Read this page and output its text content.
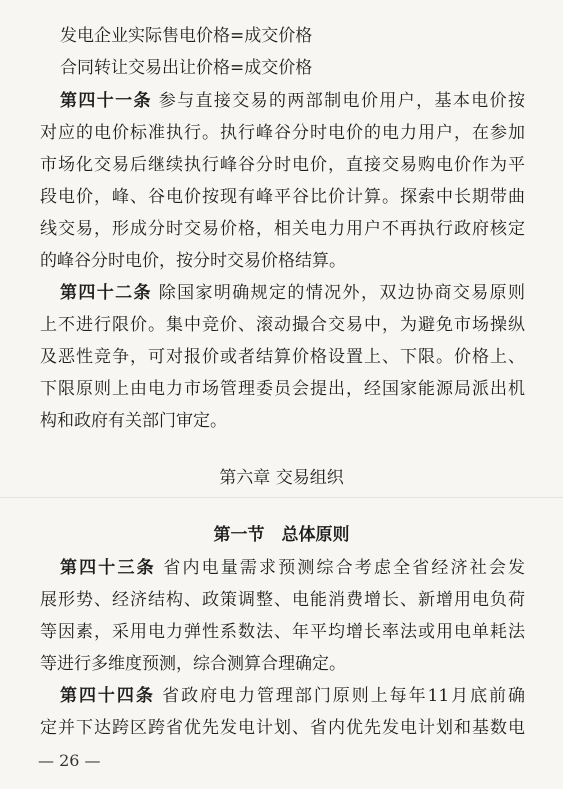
发电企业实际售电价格=成交价格
合同转让交易出让价格=成交价格
第四十一条 参与直接交易的两部制电价用户，基本电价按
对应的电价标准执行。执行峰谷分时电价的电力用户，在参加
市场化交易后继续执行峰谷分时电价，直接交易购电价作为平
段电价，峰、谷电价按现有峰平谷比价计算。探索中长期带曲
线交易，形成分时交易价格，相关电力用户不再执行政府核定
的峰谷分时电价，按分时交易价格结算。
第四十二条 除国家明确规定的情况外，双边协商交易原则
上不进行限价。集中竞价、滚动撮合交易中，为避免市场操纵
及恶性竞争，可对报价或者结算价格设置上、下限。价格上、
下限原则上由电力市场管理委员会提出，经国家能源局派出机
构和政府有关部门审定。
第六章 交易组织
第一节　总体原则
第四十三条 省内电量需求预测综合考虑全省经济社会发
展形势、经济结构、政策调整、电能消费增长、新增用电负荷
等因素，采用电力弹性系数法、年平均增长率法或用电单耗法
等进行多维度预测，综合测算合理确定。
第四十四条 省政府电力管理部门原则上每年11月底前确
定并下达跨区跨省优先发电计划、省内优先发电计划和基数电
— 26 —
